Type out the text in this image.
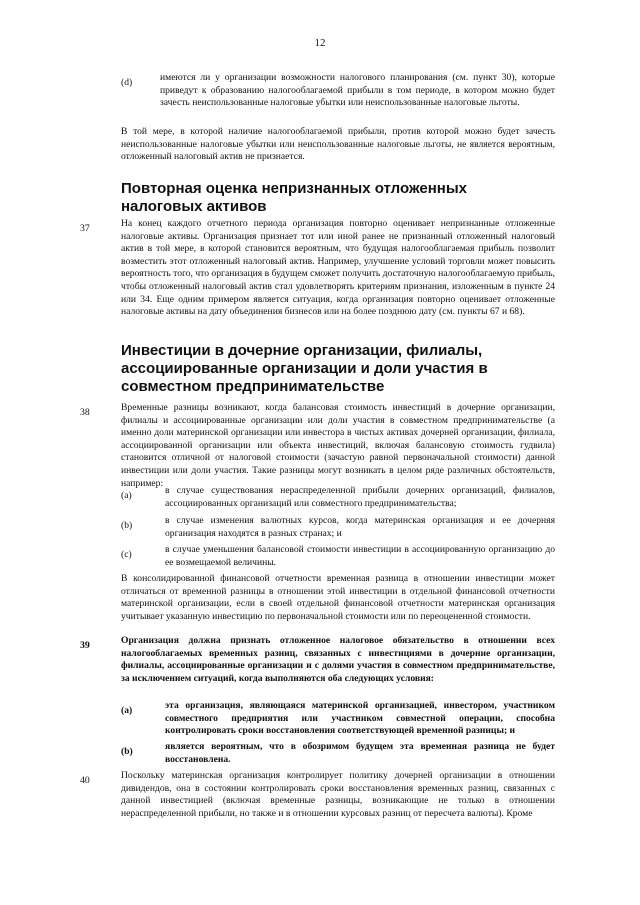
12
(d)	имеются ли у организации возможности налогового планирования (см. пункт 30), которые приведут к образованию налогооблагаемой прибыли в том периоде, в котором можно будет зачесть неиспользованные налоговые убытки или неиспользованные налоговые льготы.

В той мере, в которой наличие налогооблагаемой прибыли, против которой можно будет зачесть неиспользованные налоговые убытки или неиспользованные налоговые льготы, не является вероятным, отложенный налоговый актив не признается.

Повторная оценка непризнанных отложенных налоговых активов
37	На конец каждого отчетного периода организация повторно оценивает непризнанные отложенные налоговые активы. Организация признает тот или иной ранее не признанный отложенный налоговый актив в той мере, в которой становится вероятным, что будущая налогооблагаемая прибыль позволит возместить этот отложенный налоговый актив. Например, улучшение условий торговли может повысить вероятность того, что организация в будущем сможет получить достаточную налогооблагаемую прибыль, чтобы отложенный налоговый актив стал удовлетворять критериям признания, изложенным в пункте 24 или 34. Еще одним примером является ситуация, когда организация повторно оценивает отложенные налоговые активы на дату объединения бизнесов или на более позднюю дату (см. пункты 67 и 68).

Инвестиции в дочерние организации, филиалы, ассоциированные организации и доли участия в совместном предпринимательстве
38	Временные разницы возникают, когда балансовая стоимость инвестиций в дочерние организации, филиалы и ассоциированные организации или доли участия в совместном предпринимательстве (а именно доли материнской организации или инвестора в чистых активах дочерней организации, филиала, ассоциированной организации или объекта инвестиций, включая балансовую стоимость гудвила) становится отличной от налоговой стоимости (зачастую равной первоначальной стоимости) данной инвестиции или доли участия. Такие разницы могут возникать в целом ряде различных обстоятельств, например:

(a)	в случае существования нераспределенной прибыли дочерних организаций, филиалов, ассоциированных организаций или совместного предпринимательства;

(b)	в случае изменения валютных курсов, когда материнская организация и ее дочерняя организация находятся в разных странах; и

(c)	в случае уменьшения балансовой стоимости инвестиции в ассоциированную организацию до ее возмещаемой величины.

В консолидированной финансовой отчетности временная разница в отношении инвестиции может отличаться от временной разницы в отношении этой инвестиции в отдельной финансовой отчетности материнской организации, если в своей отдельной финансовой отчетности материнская организация учитывает указанную инвестицию по первоначальной стоимости или по переоцененной стоимости.

39	Организация должна признать отложенное налоговое обязательство в отношении всех налогооблагаемых временных разниц, связанных с инвестициями в дочерние организации, филиалы, ассоциированные организации и с долями участия в совместном предпринимательстве, за исключением ситуаций, когда выполняются оба следующих условия:

(a)	эта организация, являющаяся материнской организацией, инвестором, участником совместного предприятия или участником совместной операции, способна контролировать сроки восстановления соответствующей временной разницы; и

(b)	является вероятным, что в обозримом будущем эта временная разница не будет восстановлена.

40	Поскольку материнская организация контролирует политику дочерней организации в отношении дивидендов, она в состоянии контролировать сроки восстановления временных разниц, связанных с данной инвестицией (включая временные разницы, возникающие не только в отношении нераспределенной прибыли, но также и в отношении курсовых разниц от пересчета валюты). Кроме
